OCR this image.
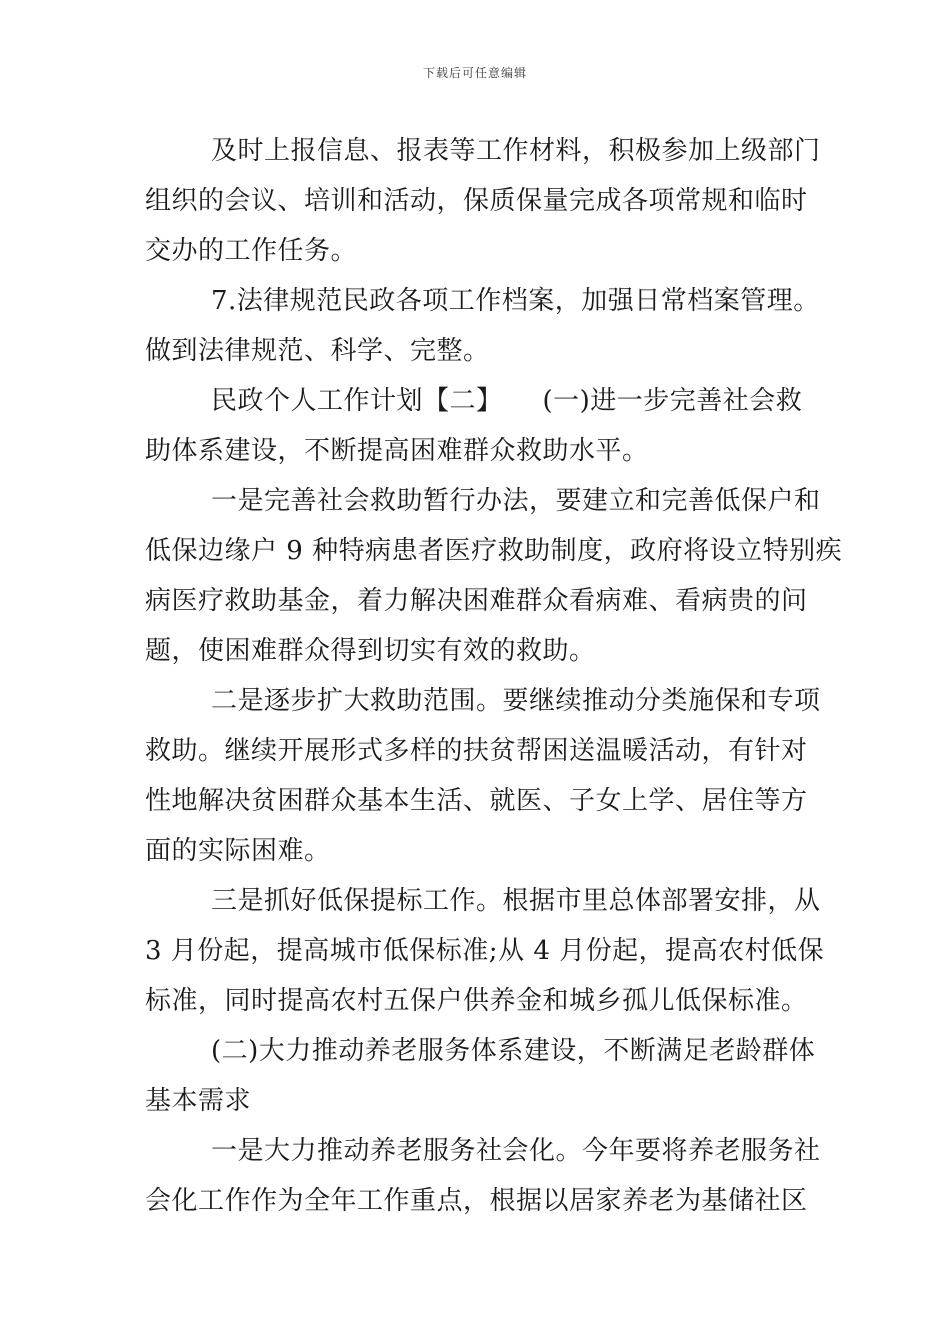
下载后可任意编辑

及时上报信息、报表等工作材料，积极参加上级部门
组织的会议、培训和活动，保质保量完成各项常规和临时
交办的工作任务。

7.法律规范民政各项工作档案，加强日常档案管理。
做到法律规范、科学、完整。

民政个人工作计划【二】　　(一)进一步完善社会救
助体系建设，不断提高困难群众救助水平。

一是完善社会救助暂行办法，要建立和完善低保户和
低保边缘户 9 种特病患者医疗救助制度，政府将设立特别疾
病医疗救助基金，着力解决困难群众看病难、看病贵的问
题，使困难群众得到切实有效的救助。

二是逐步扩大救助范围。要继续推动分类施保和专项
救助。继续开展形式多样的扶贫帮困送温暖活动，有针对
性地解决贫困群众基本生活、就医、子女上学、居住等方
面的实际困难。

三是抓好低保提标工作。根据市里总体部署安排，从
3 月份起，提高城市低保标准;从 4 月份起，提高农村低保
标准，同时提高农村五保户供养金和城乡孤儿低保标准。

(二)大力推动养老服务体系建设，不断满足老龄群体
基本需求

一是大力推动养老服务社会化。今年要将养老服务社
会化工作作为全年工作重点，根据以居家养老为基储社区
